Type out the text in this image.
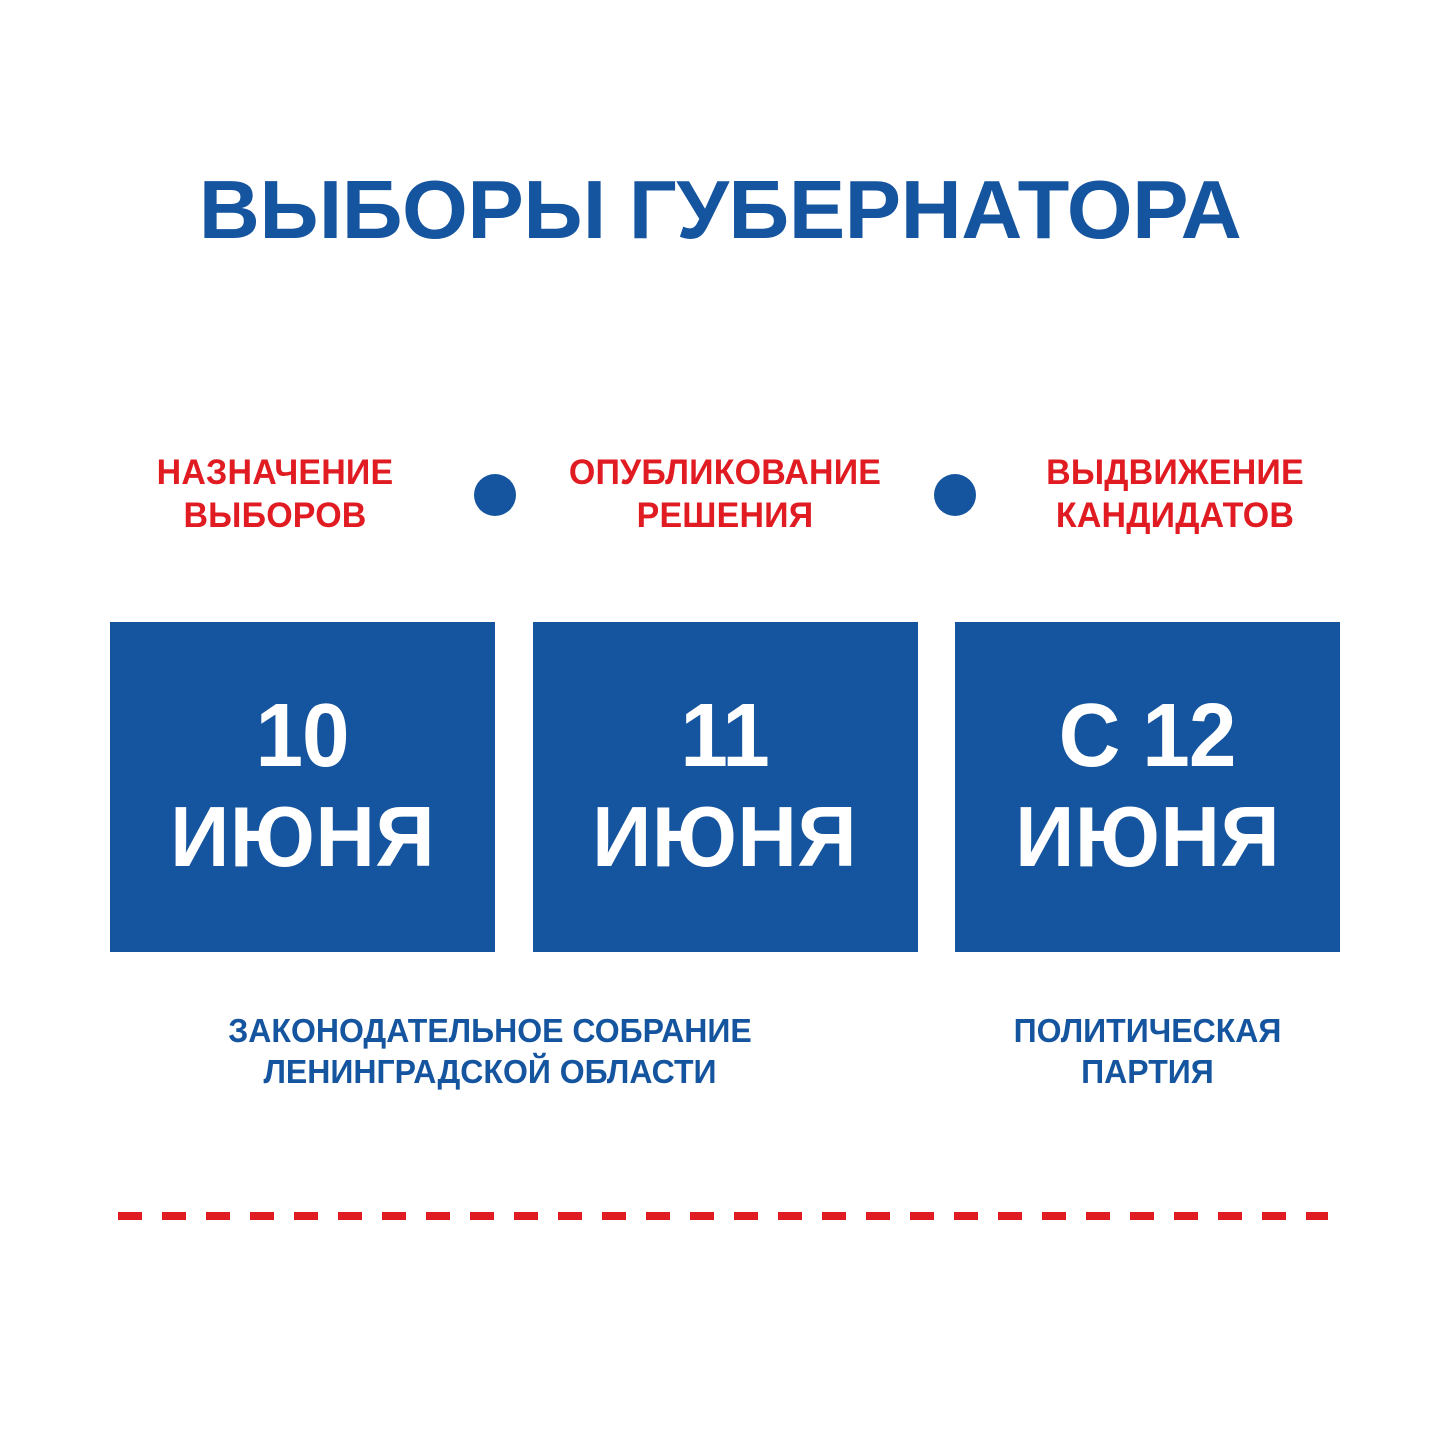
ВЫБОРЫ ГУБЕРНАТОРА
НАЗНАЧЕНИЕ ВЫБОРОВ
ОПУБЛИКОВАНИЕ РЕШЕНИЯ
ВЫДВИЖЕНИЕ КАНДИДАТОВ
10
ИЮНЯ
11
ИЮНЯ
С 12
ИЮНЯ
ЗАКОНОДАТЕЛЬНОЕ СОБРАНИЕ ЛЕНИНГРАДСКОЙ ОБЛАСТИ
ПОЛИТИЧЕСКАЯ ПАРТИЯ
